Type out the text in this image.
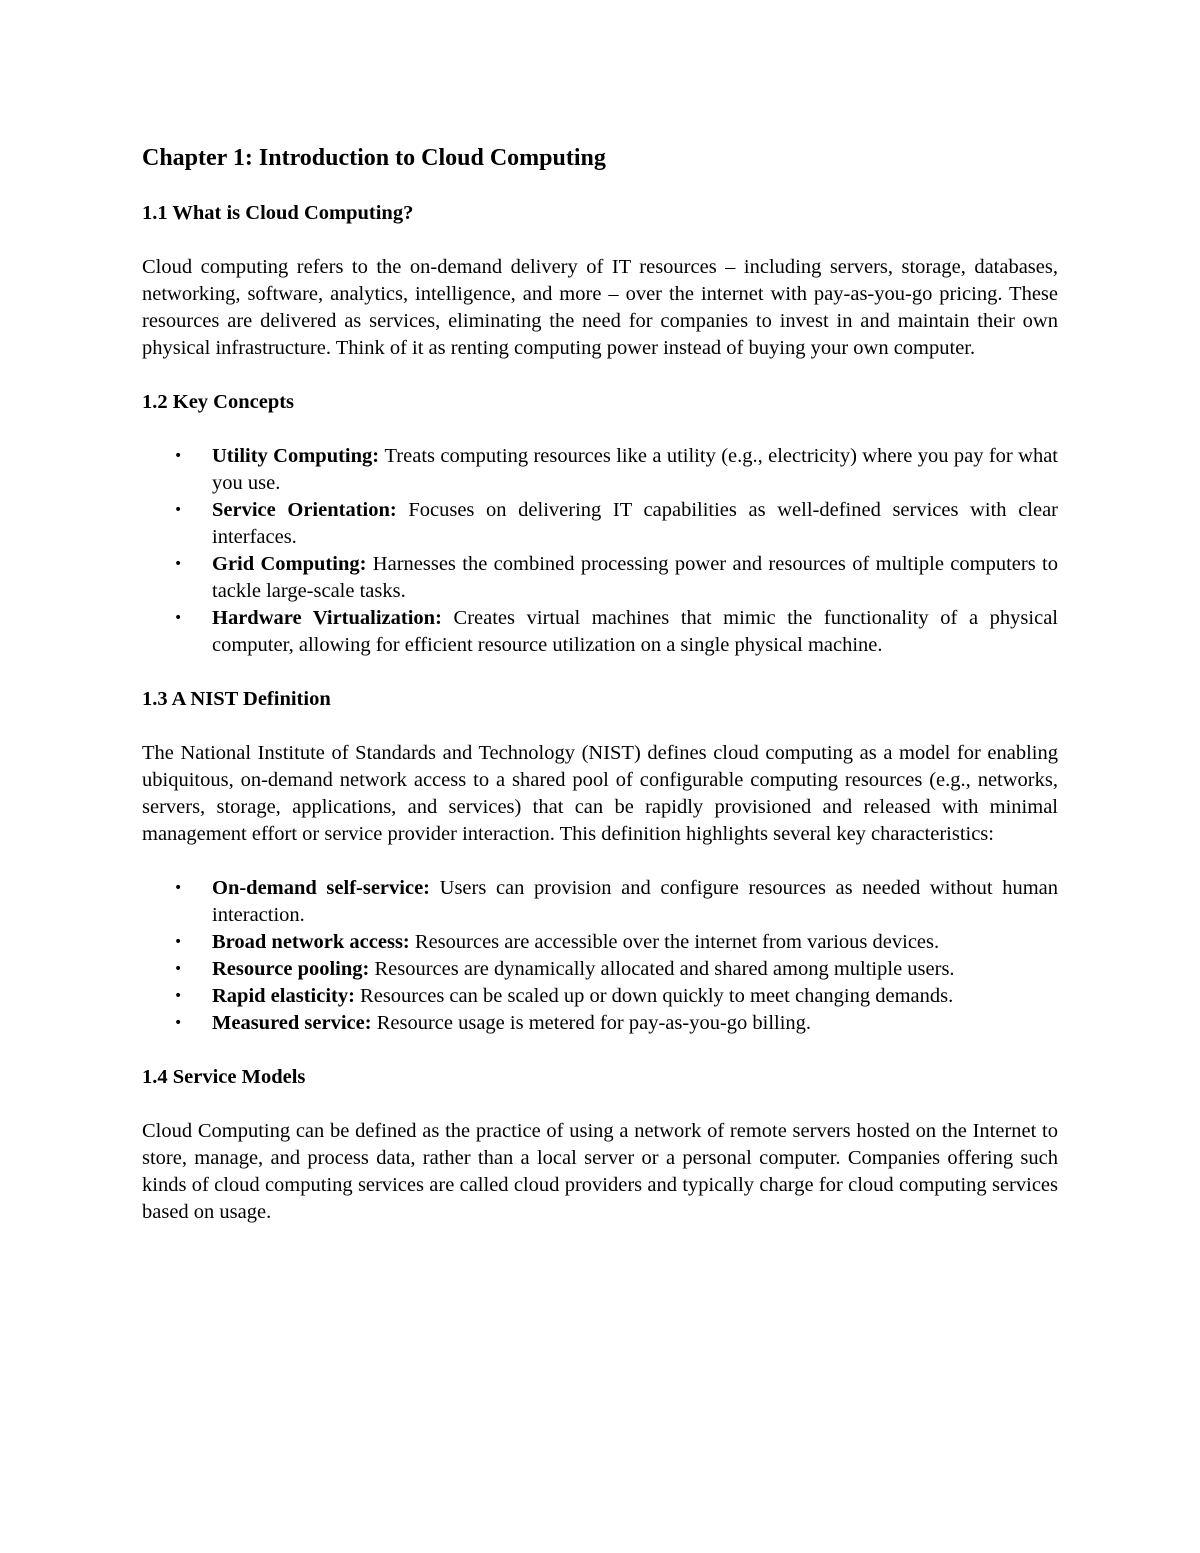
Chapter 1: Introduction to Cloud Computing
1.1 What is Cloud Computing?

Cloud computing refers to the on-demand delivery of IT resources – including servers, storage, databases, networking, software, analytics, intelligence, and more – over the internet with pay-as-you-go pricing. These resources are delivered as services, eliminating the need for companies to invest in and maintain their own physical infrastructure. Think of it as renting computing power instead of buying your own computer.

1.2 Key Concepts
• Utility Computing: Treats computing resources like a utility (e.g., electricity) where you pay for what you use.
• Service Orientation: Focuses on delivering IT capabilities as well-defined services with clear interfaces.
• Grid Computing: Harnesses the combined processing power and resources of multiple computers to tackle large-scale tasks.
• Hardware Virtualization: Creates virtual machines that mimic the functionality of a physical computer, allowing for efficient resource utilization on a single physical machine.
1.3 A NIST Definition

The National Institute of Standards and Technology (NIST) defines cloud computing as a model for enabling ubiquitous, on-demand network access to a shared pool of configurable computing resources (e.g., networks, servers, storage, applications, and services) that can be rapidly provisioned and released with minimal management effort or service provider interaction. This definition highlights several key characteristics:

• On-demand self-service: Users can provision and configure resources as needed without human interaction.
• Broad network access: Resources are accessible over the internet from various devices.
• Resource pooling: Resources are dynamically allocated and shared among multiple users.
• Rapid elasticity: Resources can be scaled up or down quickly to meet changing demands.
• Measured service: Resource usage is metered for pay-as-you-go billing.
1.4 Service Models

Cloud Computing can be defined as the practice of using a network of remote servers hosted on the Internet to store, manage, and process data, rather than a local server or a personal computer. Companies offering such kinds of cloud computing services are called cloud providers and typically charge for cloud computing services based on usage.
